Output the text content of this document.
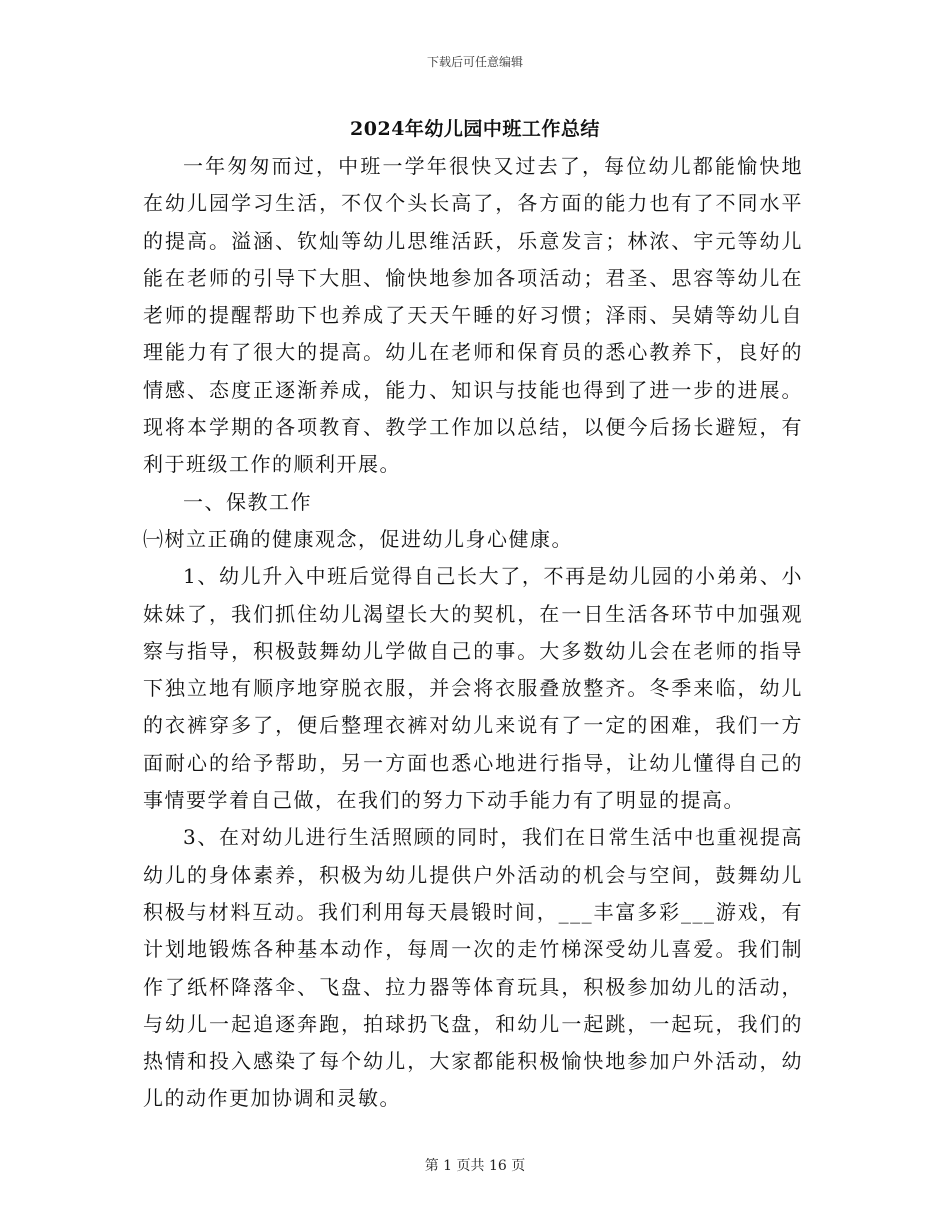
下载后可任意编辑
2024年幼儿园中班工作总结

一年匆匆而过，中班一学年很快又过去了，每位幼儿都能愉快地在幼儿园学习生活，不仅个头长高了，各方面的能力也有了不同水平的提高。溢涵、钦灿等幼儿思维活跃，乐意发言；林浓、宇元等幼儿能在老师的引导下大胆、愉快地参加各项活动；君圣、思容等幼儿在老师的提醒帮助下也养成了天天午睡的好习惯；泽雨、吴婧等幼儿自理能力有了很大的提高。幼儿在老师和保育员的悉心教养下，良好的情感、态度正逐渐养成，能力、知识与技能也得到了进一步的进展。现将本学期的各项教育、教学工作加以总结，以便今后扬长避短，有利于班级工作的顺利开展。

一、保教工作

㈠树立正确的健康观念，促进幼儿身心健康。

1、幼儿升入中班后觉得自己长大了，不再是幼儿园的小弟弟、小妹妹了，我们抓住幼儿渴望长大的契机，在一日生活各环节中加强观察与指导，积极鼓舞幼儿学做自己的事。大多数幼儿会在老师的指导下独立地有顺序地穿脱衣服，并会将衣服叠放整齐。冬季来临，幼儿的衣裤穿多了，便后整理衣裤对幼儿来说有了一定的困难，我们一方面耐心的给予帮助，另一方面也悉心地进行指导，让幼儿懂得自己的事情要学着自己做，在我们的努力下动手能力有了明显的提高。

3、在对幼儿进行生活照顾的同时，我们在日常生活中也重视提高幼儿的身体素养，积极为幼儿提供户外活动的机会与空间，鼓舞幼儿积极与材料互动。我们利用每天晨锻时间，___丰富多彩___游戏，有计划地锻炼各种基本动作，每周一次的走竹梯深受幼儿喜爱。我们制作了纸杯降落伞、飞盘、拉力器等体育玩具，积极参加幼儿的活动，与幼儿一起追逐奔跑，拍球扔飞盘，和幼儿一起跳，一起玩，我们的热情和投入感染了每个幼儿，大家都能积极愉快地参加户外活动，幼儿的动作更加协调和灵敏。

第 1 页共 16 页
